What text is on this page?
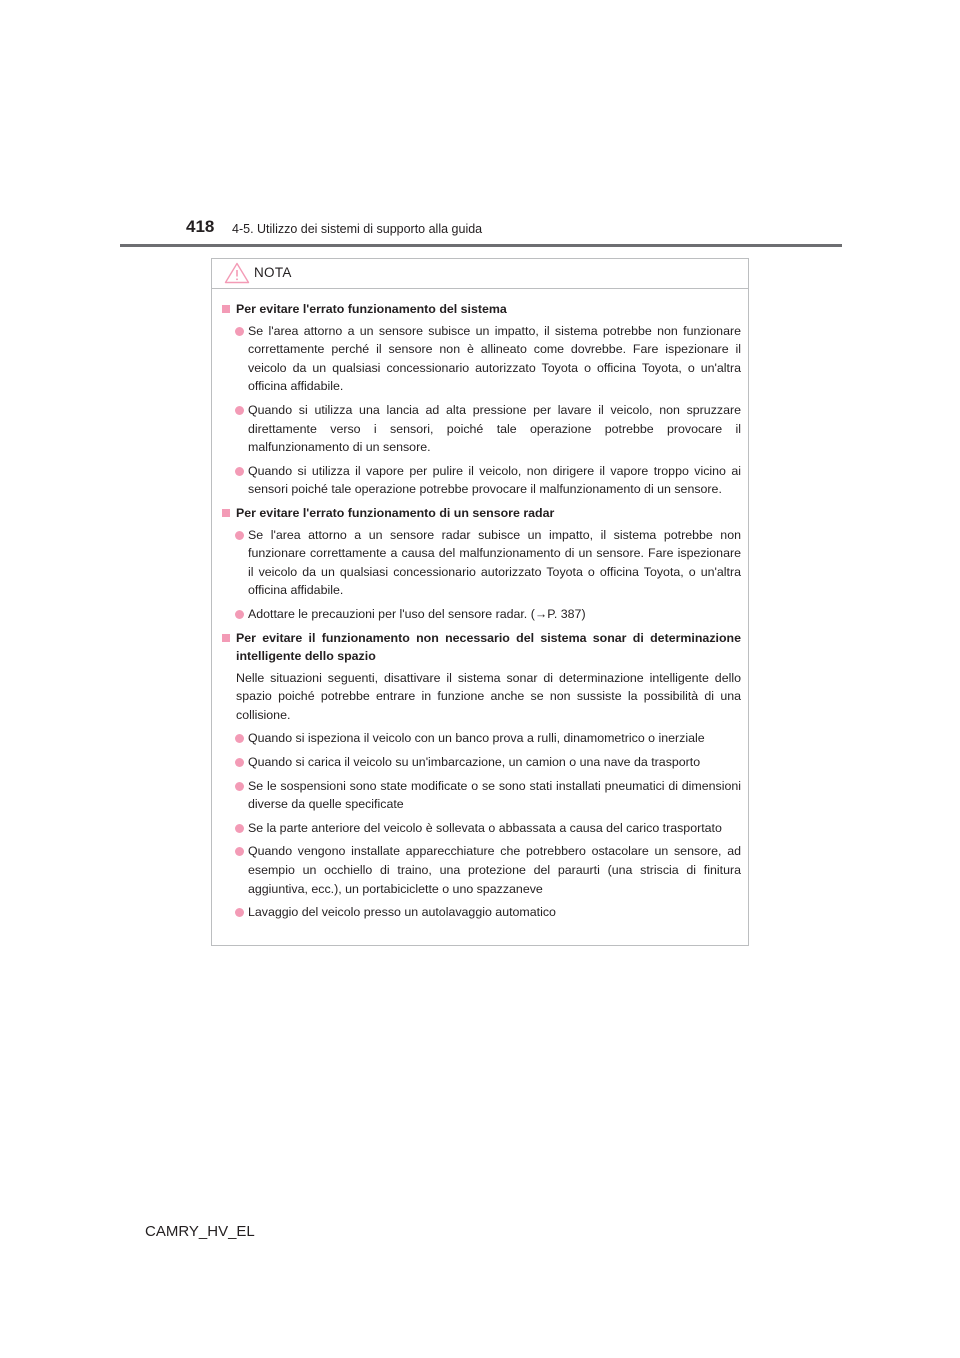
418 4-5. Utilizzo dei sistemi di supporto alla guida
NOTA
Per evitare l'errato funzionamento del sistema
Se l'area attorno a un sensore subisce un impatto, il sistema potrebbe non funzionare correttamente perché il sensore non è allineato come dovrebbe. Fare ispezionare il veicolo da un qualsiasi concessionario autorizzato Toyota o officina Toyota, o un'altra officina affidabile.
Quando si utilizza una lancia ad alta pressione per lavare il veicolo, non spruzzare direttamente verso i sensori, poiché tale operazione potrebbe provocare il malfunzionamento di un sensore.
Quando si utilizza il vapore per pulire il veicolo, non dirigere il vapore troppo vicino ai sensori poiché tale operazione potrebbe provocare il malfunzionamento di un sensore.
Per evitare l'errato funzionamento di un sensore radar
Se l'area attorno a un sensore radar subisce un impatto, il sistema potrebbe non funzionare correttamente a causa del malfunzionamento di un sensore. Fare ispezionare il veicolo da un qualsiasi concessionario autorizzato Toyota o officina Toyota, o un'altra officina affidabile.
Adottare le precauzioni per l'uso del sensore radar. (→P. 387)
Per evitare il funzionamento non necessario del sistema sonar di determinazione intelligente dello spazio
Nelle situazioni seguenti, disattivare il sistema sonar di determinazione intelligente dello spazio poiché potrebbe entrare in funzione anche se non sussiste la possibilità di una collisione.
Quando si ispeziona il veicolo con un banco prova a rulli, dinamometrico o inerziale
Quando si carica il veicolo su un'imbarcazione, un camion o una nave da trasporto
Se le sospensioni sono state modificate o se sono stati installati pneumatici di dimensioni diverse da quelle specificate
Se la parte anteriore del veicolo è sollevata o abbassata a causa del carico trasportato
Quando vengono installate apparecchiature che potrebbero ostacolare un sensore, ad esempio un occhiello di traino, una protezione del paraurti (una striscia di finitura aggiuntiva, ecc.), un portabiciclette o uno spazzaneve
Lavaggio del veicolo presso un autolavaggio automatico
CAMRY_HV_EL
